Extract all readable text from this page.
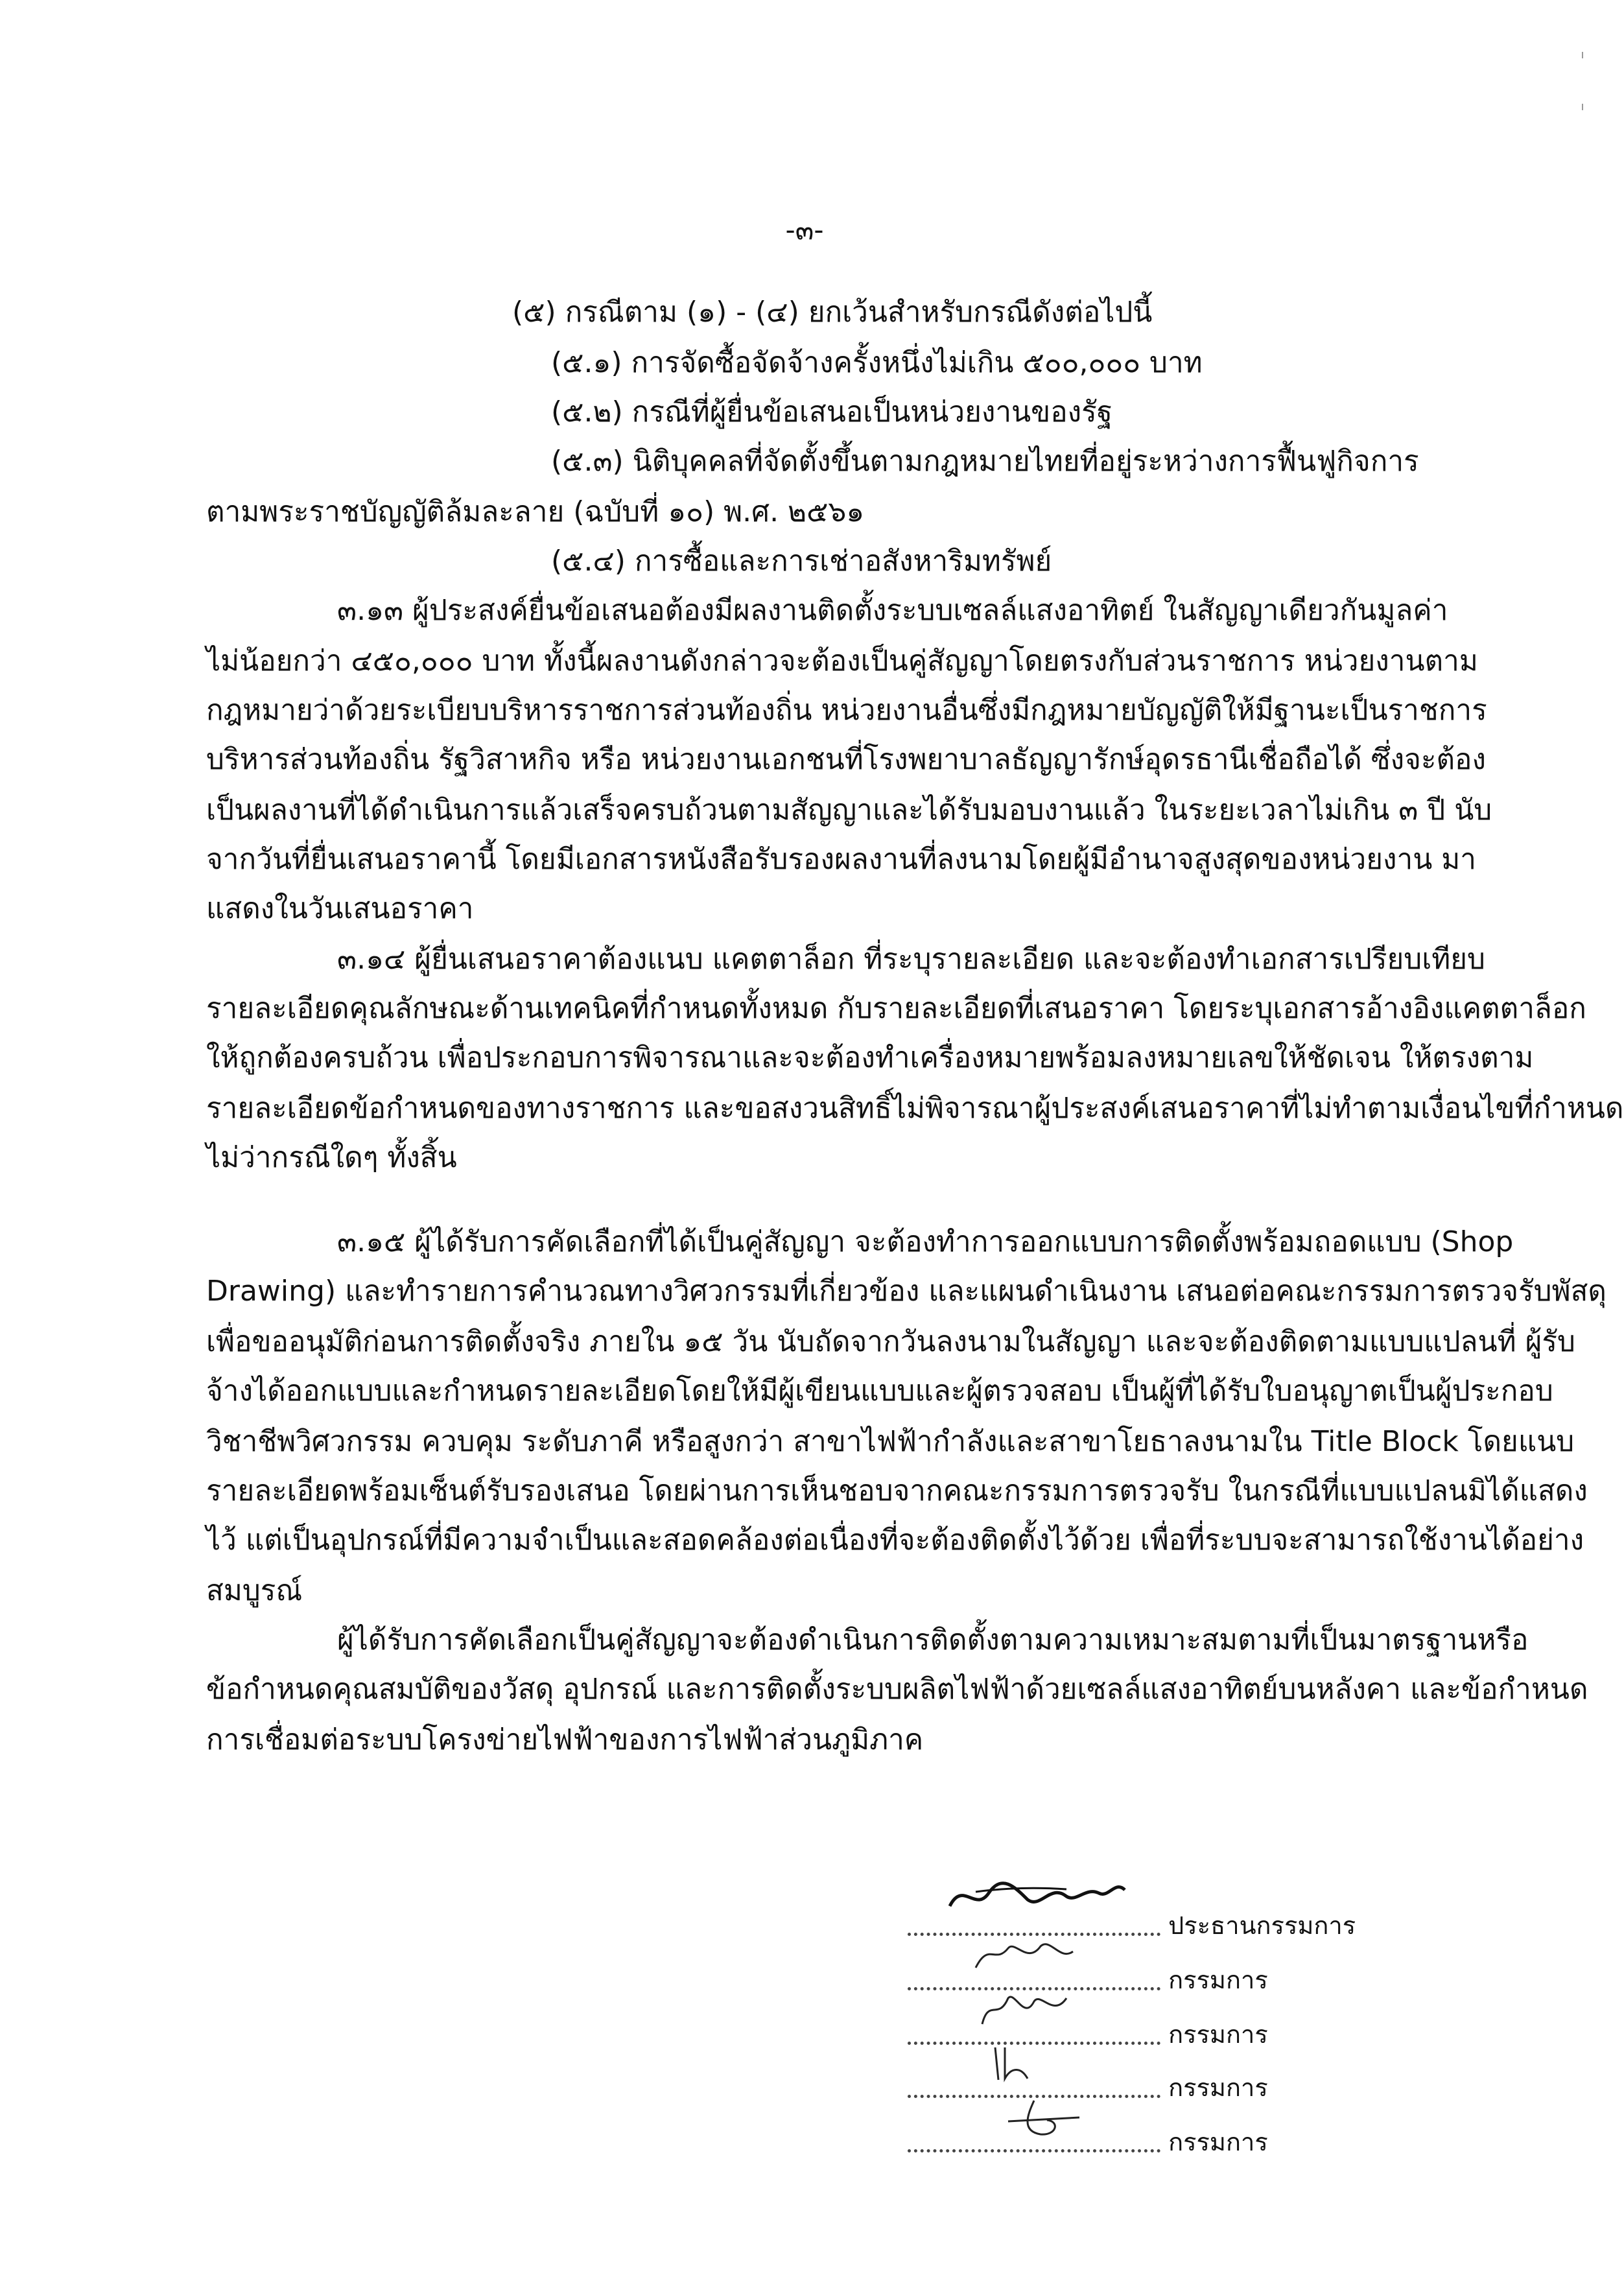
-๓-
(๕) กรณีตาม (๑) - (๔) ยกเว้นสำหรับกรณีดังต่อไปนี้
(๕.๑) การจัดซื้อจัดจ้างครั้งหนึ่งไม่เกิน ๕๐๐,๐๐๐ บาท
(๕.๒) กรณีที่ผู้ยื่นข้อเสนอเป็นหน่วยงานของรัฐ
(๕.๓) นิติบุคคลที่จัดตั้งขึ้นตามกฎหมายไทยที่อยู่ระหว่างการฟื้นฟูกิจการ
ตามพระราชบัญญัติล้มละลาย (ฉบับที่ ๑๐) พ.ศ. ๒๕๖๑
(๕.๔) การซื้อและการเช่าอสังหาริมทรัพย์
๓.๑๓ ผู้ประสงค์ยื่นข้อเสนอต้องมีผลงานติดตั้งระบบเซลล์แสงอาทิตย์ ในสัญญาเดียวกันมูลค่า
ไม่น้อยกว่า ๔๕๐,๐๐๐ บาท ทั้งนี้ผลงานดังกล่าวจะต้องเป็นคู่สัญญาโดยตรงกับส่วนราชการ หน่วยงานตาม
กฎหมายว่าด้วยระเบียบบริหารราชการส่วนท้องถิ่น หน่วยงานอื่นซึ่งมีกฎหมายบัญญัติให้มีฐานะเป็นราชการ
บริหารส่วนท้องถิ่น รัฐวิสาหกิจ หรือ หน่วยงานเอกชนที่โรงพยาบาลธัญญารักษ์อุดรธานีเชื่อถือได้ ซึ่งจะต้อง
เป็นผลงานที่ได้ดำเนินการแล้วเสร็จครบถ้วนตามสัญญาและได้รับมอบงานแล้ว ในระยะเวลาไม่เกิน ๓ ปี นับ
จากวันที่ยื่นเสนอราคานี้ โดยมีเอกสารหนังสือรับรองผลงานที่ลงนามโดยผู้มีอำนาจสูงสุดของหน่วยงาน มา
แสดงในวันเสนอราคา
๓.๑๔ ผู้ยื่นเสนอราคาต้องแนบ แคตตาล็อก ที่ระบุรายละเอียด และจะต้องทำเอกสารเปรียบเทียบ
รายละเอียดคุณลักษณะด้านเทคนิคที่กำหนดทั้งหมด กับรายละเอียดที่เสนอราคา โดยระบุเอกสารอ้างอิงแคตตาล็อก
ให้ถูกต้องครบถ้วน เพื่อประกอบการพิจารณาและจะต้องทำเครื่องหมายพร้อมลงหมายเลขให้ชัดเจน ให้ตรงตาม
รายละเอียดข้อกำหนดของทางราชการ และขอสงวนสิทธิ์ไม่พิจารณาผู้ประสงค์เสนอราคาที่ไม่ทำตามเงื่อนไขที่กำหนด
ไม่ว่ากรณีใดๆ ทั้งสิ้น
๓.๑๕ ผู้ได้รับการคัดเลือกที่ได้เป็นคู่สัญญา จะต้องทำการออกแบบการติดตั้งพร้อมถอดแบบ (Shop
Drawing) และทำรายการคำนวณทางวิศวกรรมที่เกี่ยวข้อง และแผนดำเนินงาน เสนอต่อคณะกรรมการตรวจรับพัสดุ
เพื่อขออนุมัติก่อนการติดตั้งจริง ภายใน ๑๕ วัน นับถัดจากวันลงนามในสัญญา และจะต้องติดตามแบบแปลนที่ ผู้รับ
จ้างได้ออกแบบและกำหนดรายละเอียดโดยให้มีผู้เขียนแบบและผู้ตรวจสอบ เป็นผู้ที่ได้รับใบอนุญาตเป็นผู้ประกอบ
วิชาชีพวิศวกรรม ควบคุม ระดับภาคี หรือสูงกว่า สาขาไฟฟ้ากำลังและสาขาโยธาลงนามใน Title Block โดยแนบ
รายละเอียดพร้อมเซ็นต์รับรองเสนอ โดยผ่านการเห็นชอบจากคณะกรรมการตรวจรับ ในกรณีที่แบบแปลนมิได้แสดง
ไว้ แต่เป็นอุปกรณ์ที่มีความจำเป็นและสอดคล้องต่อเนื่องที่จะต้องติดตั้งไว้ด้วย เพื่อที่ระบบจะสามารถใช้งานได้อย่าง
สมบูรณ์
ผู้ได้รับการคัดเลือกเป็นคู่สัญญาจะต้องดำเนินการติดตั้งตามความเหมาะสมตามที่เป็นมาตรฐานหรือ
ข้อกำหนดคุณสมบัติของวัสดุ อุปกรณ์ และการติดตั้งระบบผลิตไฟฟ้าด้วยเซลล์แสงอาทิตย์บนหลังคา และข้อกำหนด
การเชื่อมต่อระบบโครงข่ายไฟฟ้าของการไฟฟ้าส่วนภูมิภาค
ประธานกรรมการ
กรรมการ
กรรมการ
กรรมการ
กรรมการ
